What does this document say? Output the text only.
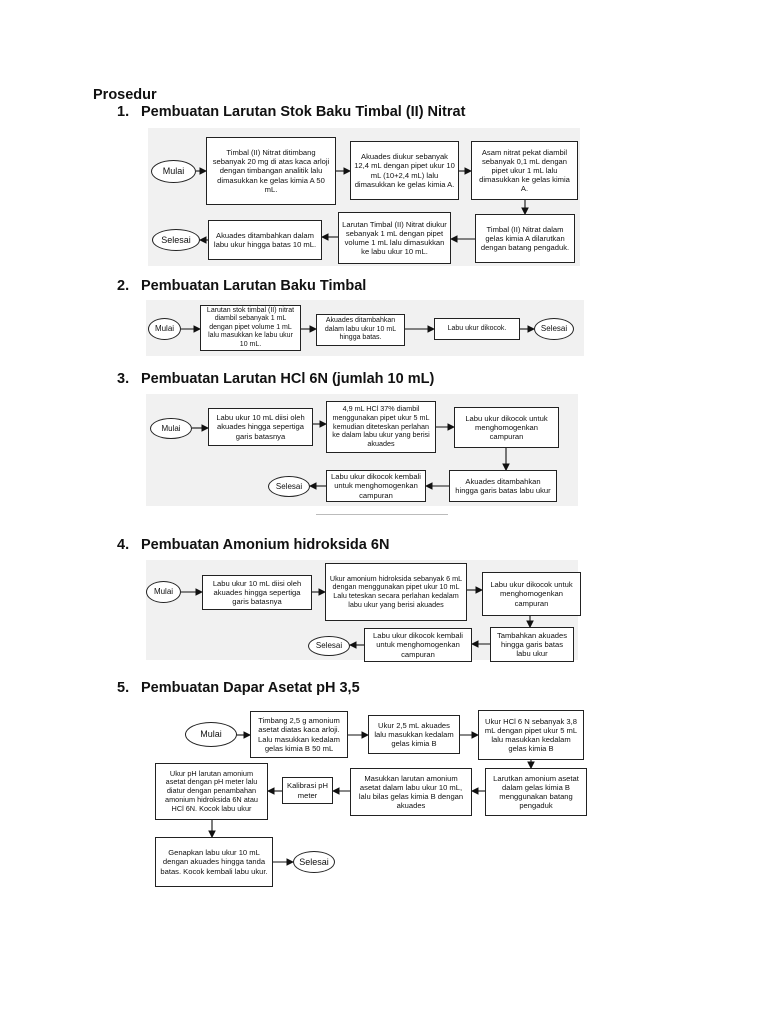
Prosedur
1. Pembuatan Larutan Stok Baku Timbal (II) Nitrat
2. Pembuatan Larutan Baku Timbal
3. Pembuatan Larutan HCl 6N (jumlah 10 mL)
4. Pembuatan Amonium hidroksida 6N
5. Pembuatan Dapar Asetat pH 3,5
Mulai
Timbal (II) Nitrat ditimbang sebanyak 20 mg di atas kaca arloji dengan timbangan analitik lalu dimasukkan ke gelas kimia A 50 mL.
Akuades diukur sebanyak 12,4 mL dengan pipet ukur 10 mL (10+2,4 mL) lalu dimasukkan ke gelas kimia A.
Asam nitrat pekat diambil sebanyak 0,1 mL dengan pipet ukur 1 mL lalu dimasukkan ke gelas kimia A.
Timbal (II) Nitrat dalam gelas kimia A dilarutkan dengan batang pengaduk.
Larutan Timbal (II) Nitrat diukur sebanyak 1 mL dengan pipet volume 1 mL lalu dimasukkan ke labu ukur 10 mL.
Akuades ditambahkan dalam labu ukur hingga batas 10 mL.
Selesai
Mulai
Larutan stok timbal (II) nitrat diambil sebanyak 1 mL dengan pipet volume 1 mL lalu masukkan ke labu ukur 10 mL.
Akuades ditambahkan dalam labu ukur 10 mL hingga batas.
Labu ukur dikocok.	Selesai
Mulai
Labu ukur 10 mL diisi oleh akuades hingga sepertiga garis batasnya
4,9 mL HCl 37% diambil menggunakan pipet ukur 5 mL kemudian diteteskan perlahan ke dalam labu ukur yang berisi akuades
Labu ukur dikocok untuk menghomogenkan campuran
Akuades ditambahkan hingga garis batas labu ukur
Labu ukur dikocok kembali untuk menghomogenkan campuran
Selesai
Mulai
Labu ukur 10 mL diisi oleh akuades hingga sepertiga garis batasnya
Ukur amonium hidroksida sebanyak 6 mL dengan menggunakan pipet ukur 10 mL Lalu teteskan secara perlahan kedalam labu ukur yang berisi akuades
Labu ukur dikocok untuk menghomogenkan campuran
Tambahkan akuades hingga garis batas labu ukur
Labu ukur dikocok kembali untuk menghomogenkan campuran
Selesai
Mulai
Timbang 2,5 g amonium asetat diatas kaca arloji. Lalu masukkan kedalam gelas kimia B 50 mL
Ukur 2,5 mL akuades lalu masukkan kedalam gelas kimia B
Ukur HCl 6 N sebanyak 3,8 mL dengan pipet ukur 5 mL lalu masukkan kedalam gelas kimia B
Larutkan amonium asetat dalam gelas kimia B menggunakan batang pengaduk
Masukkan larutan amonium asetat dalam labu ukur 10 mL, lalu bilas gelas kimia B dengan akuades
Kalibrasi pH meter
Ukur pH larutan amonium asetat dengan pH meter lalu diatur dengan penambahan amonium hidroksida 6N atau HCl 6N. Kocok labu ukur
Genapkan labu ukur 10 mL dengan akuades hingga tanda batas. Kocok kembali labu ukur.
Selesai
